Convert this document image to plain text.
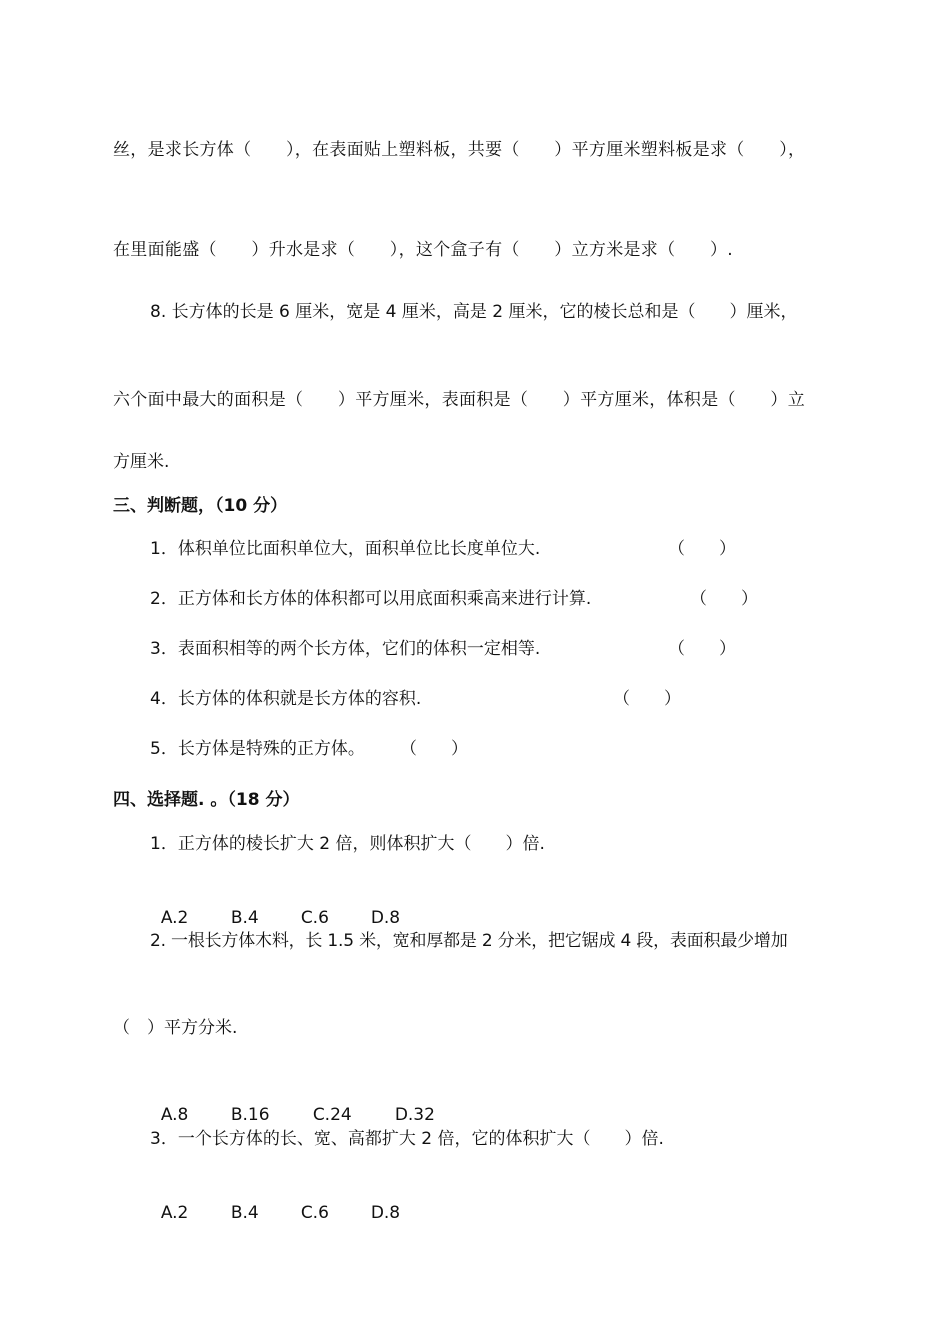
丝，是求长方体（　　），在表面贴上塑料板，共要（　　）平方厘米塑料板是求（　　），
在里面能盛（　　）升水是求（　　），这个盒子有（　　）立方米是求（　　）.
8. 长方体的长是 6 厘米，宽是 4 厘米，高是 2 厘米，它的棱长总和是（　　）厘米，
六个面中最大的面积是（　　）平方厘米，表面积是（　　）平方厘米，体积是（　　）立
方厘米.
三、判断题，（10 分）
1．体积单位比面积单位大，面积单位比长度单位大.	（　　）
2．正方体和长方体的体积都可以用底面积乘高来进行计算.	（　　）
3．表面积相等的两个长方体，它们的体积一定相等.	（　　）
4．长方体的体积就是长方体的容积.	（　　）
5．长方体是特殊的正方体。 （　　）
四、选择题. 。（18 分）
1．正方体的棱长扩大 2 倍，则体积扩大（　　）倍.

A.2 B.4 C.6 D.8

2. 一根长方体木料，长 1.5 米，宽和厚都是 2 分米，把它锯成 4 段，表面积最少增加
（　）平方分米.

A.8 B.16	C.24	D.32

3．一个长方体的长、宽、高都扩大 2 倍，它的体积扩大（　　）倍.

A.2 B.4 C.6 D.8
